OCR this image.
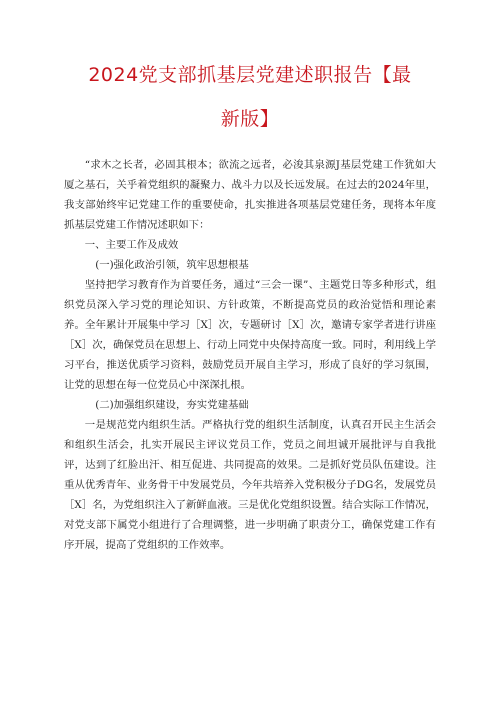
2024党支部抓基层党建述职报告【最
新版】

“求木之长者，必固其根本；欲流之远者，必浚其泉源J基层党建工作犹如大厦之基石，关乎着党组织的凝聚力、战斗力以及长远发展。在过去的2024年里，我支部始终牢记党建工作的重要使命，扎实推进各项基层党建任务，现将本年度抓基层党建工作情况述职如下：

一、主要工作及成效

(一)强化政治引领，筑牢思想根基

坚持把学习教育作为首要任务，通过“三会一课”、主题党日等多种形式，组织党员深入学习党的理论知识、方针政策，不断提高党员的政治觉悟和理论素养。全年累计开展集中学习［X］次，专题研讨［X］次，邀请专家学者进行讲座［X］次，确保党员在思想上、行动上同党中央保持高度一致。同时，利用线上学习平台，推送优质学习资料，鼓励党员开展自主学习，形成了良好的学习氛围，让党的思想在每一位党员心中深深扎根。

(二)加强组织建设，夯实党建基础

一是规范党内组织生活。严格执行党的组织生活制度，认真召开民主生活会和组织生活会，扎实开展民主评议党员工作，党员之间坦诚开展批评与自我批评，达到了红脸出汗、相互促进、共同提高的效果。二是抓好党员队伍建设。注重从优秀青年、业务骨干中发展党员，今年共培养入党积极分子DG名，发展党员［X］名，为党组织注入了新鲜血液。三是优化党组织设置。结合实际工作情况，对党支部下属党小组进行了合理调整，进一步明确了职责分工，确保党建工作有序开展，提高了党组织的工作效率。
